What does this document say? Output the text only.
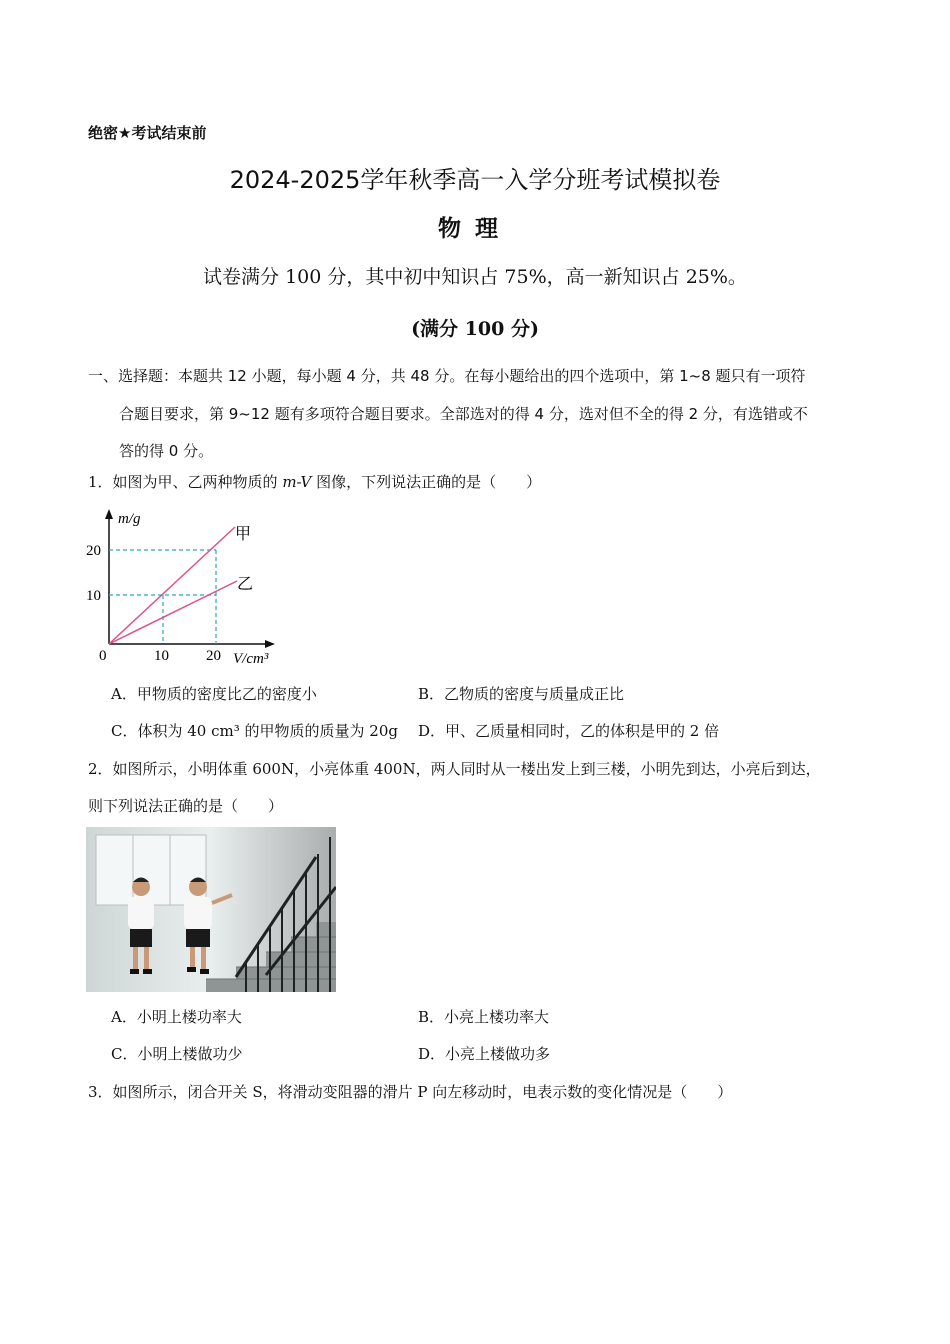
绝密★考试结束前
2024-2025学年秋季高一入学分班考试模拟卷
物理
试卷满分 100 分，其中初中知识占 75%，高一新知识占 25%。
(满分 100 分)
一、选择题：本题共 12 小题，每小题 4 分，共 48 分。在每小题给出的四个选项中，第 1~8 题只有一项符
合题目要求，第 9~12 题有多项符合题目要求。全部选对的得 4 分，选对但不全的得 2 分，有选错或不
答的得 0 分。
1．如图为甲、乙两种物质的 m-V 图像，下列说法正确的是（　　）
m/g
甲
乙
20
10
0	10 20 V/cm³
A．甲物质的密度比乙的密度小	B．乙物质的密度与质量成正比
C．体积为 40 cm³ 的甲物质的质量为 20g D．甲、乙质量相同时，乙的体积是甲的 2 倍
2．如图所示，小明体重 600N，小亮体重 400N，两人同时从一楼出发上到三楼，小明先到达，小亮后到达，
则下列说法正确的是（　　）
A．小明上楼功率大	B．小亮上楼功率大
C．小明上楼做功少	D．小亮上楼做功多
3．如图所示，闭合开关 S，将滑动变阻器的滑片 P 向左移动时，电表示数的变化情况是（　　）
